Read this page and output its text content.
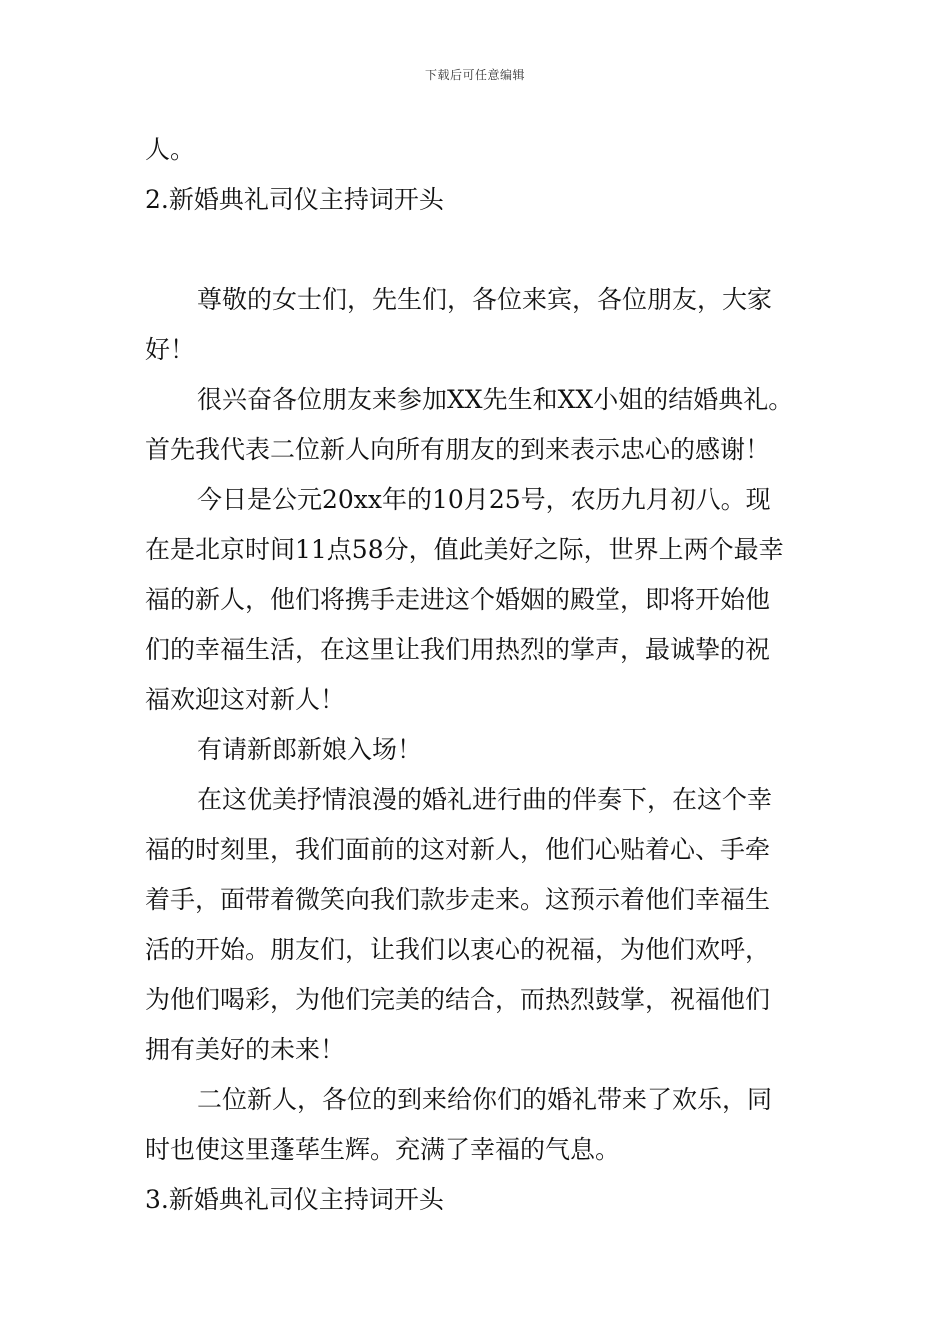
下载后可任意编辑
人。
2.新婚典礼司仪主持词开头
尊敬的女士们，先生们，各位来宾，各位朋友，大家
好！
很兴奋各位朋友来参加XX先生和XX小姐的结婚典礼。
首先我代表二位新人向所有朋友的到来表示忠心的感谢！
今日是公元20xx年的10月25号，农历九月初八。现
在是北京时间11点58分，值此美好之际，世界上两个最幸
福的新人，他们将携手走进这个婚姻的殿堂，即将开始他
们的幸福生活，在这里让我们用热烈的掌声，最诚挚的祝
福欢迎这对新人！
有请新郎新娘入场！
在这优美抒情浪漫的婚礼进行曲的伴奏下，在这个幸
福的时刻里，我们面前的这对新人，他们心贴着心、手牵
着手，面带着微笑向我们款步走来。这预示着他们幸福生
活的开始。朋友们，让我们以衷心的祝福，为他们欢呼，
为他们喝彩，为他们完美的结合，而热烈鼓掌，祝福他们
拥有美好的未来！
二位新人，各位的到来给你们的婚礼带来了欢乐，同
时也使这里蓬荜生辉。充满了幸福的气息。
3.新婚典礼司仪主持词开头
